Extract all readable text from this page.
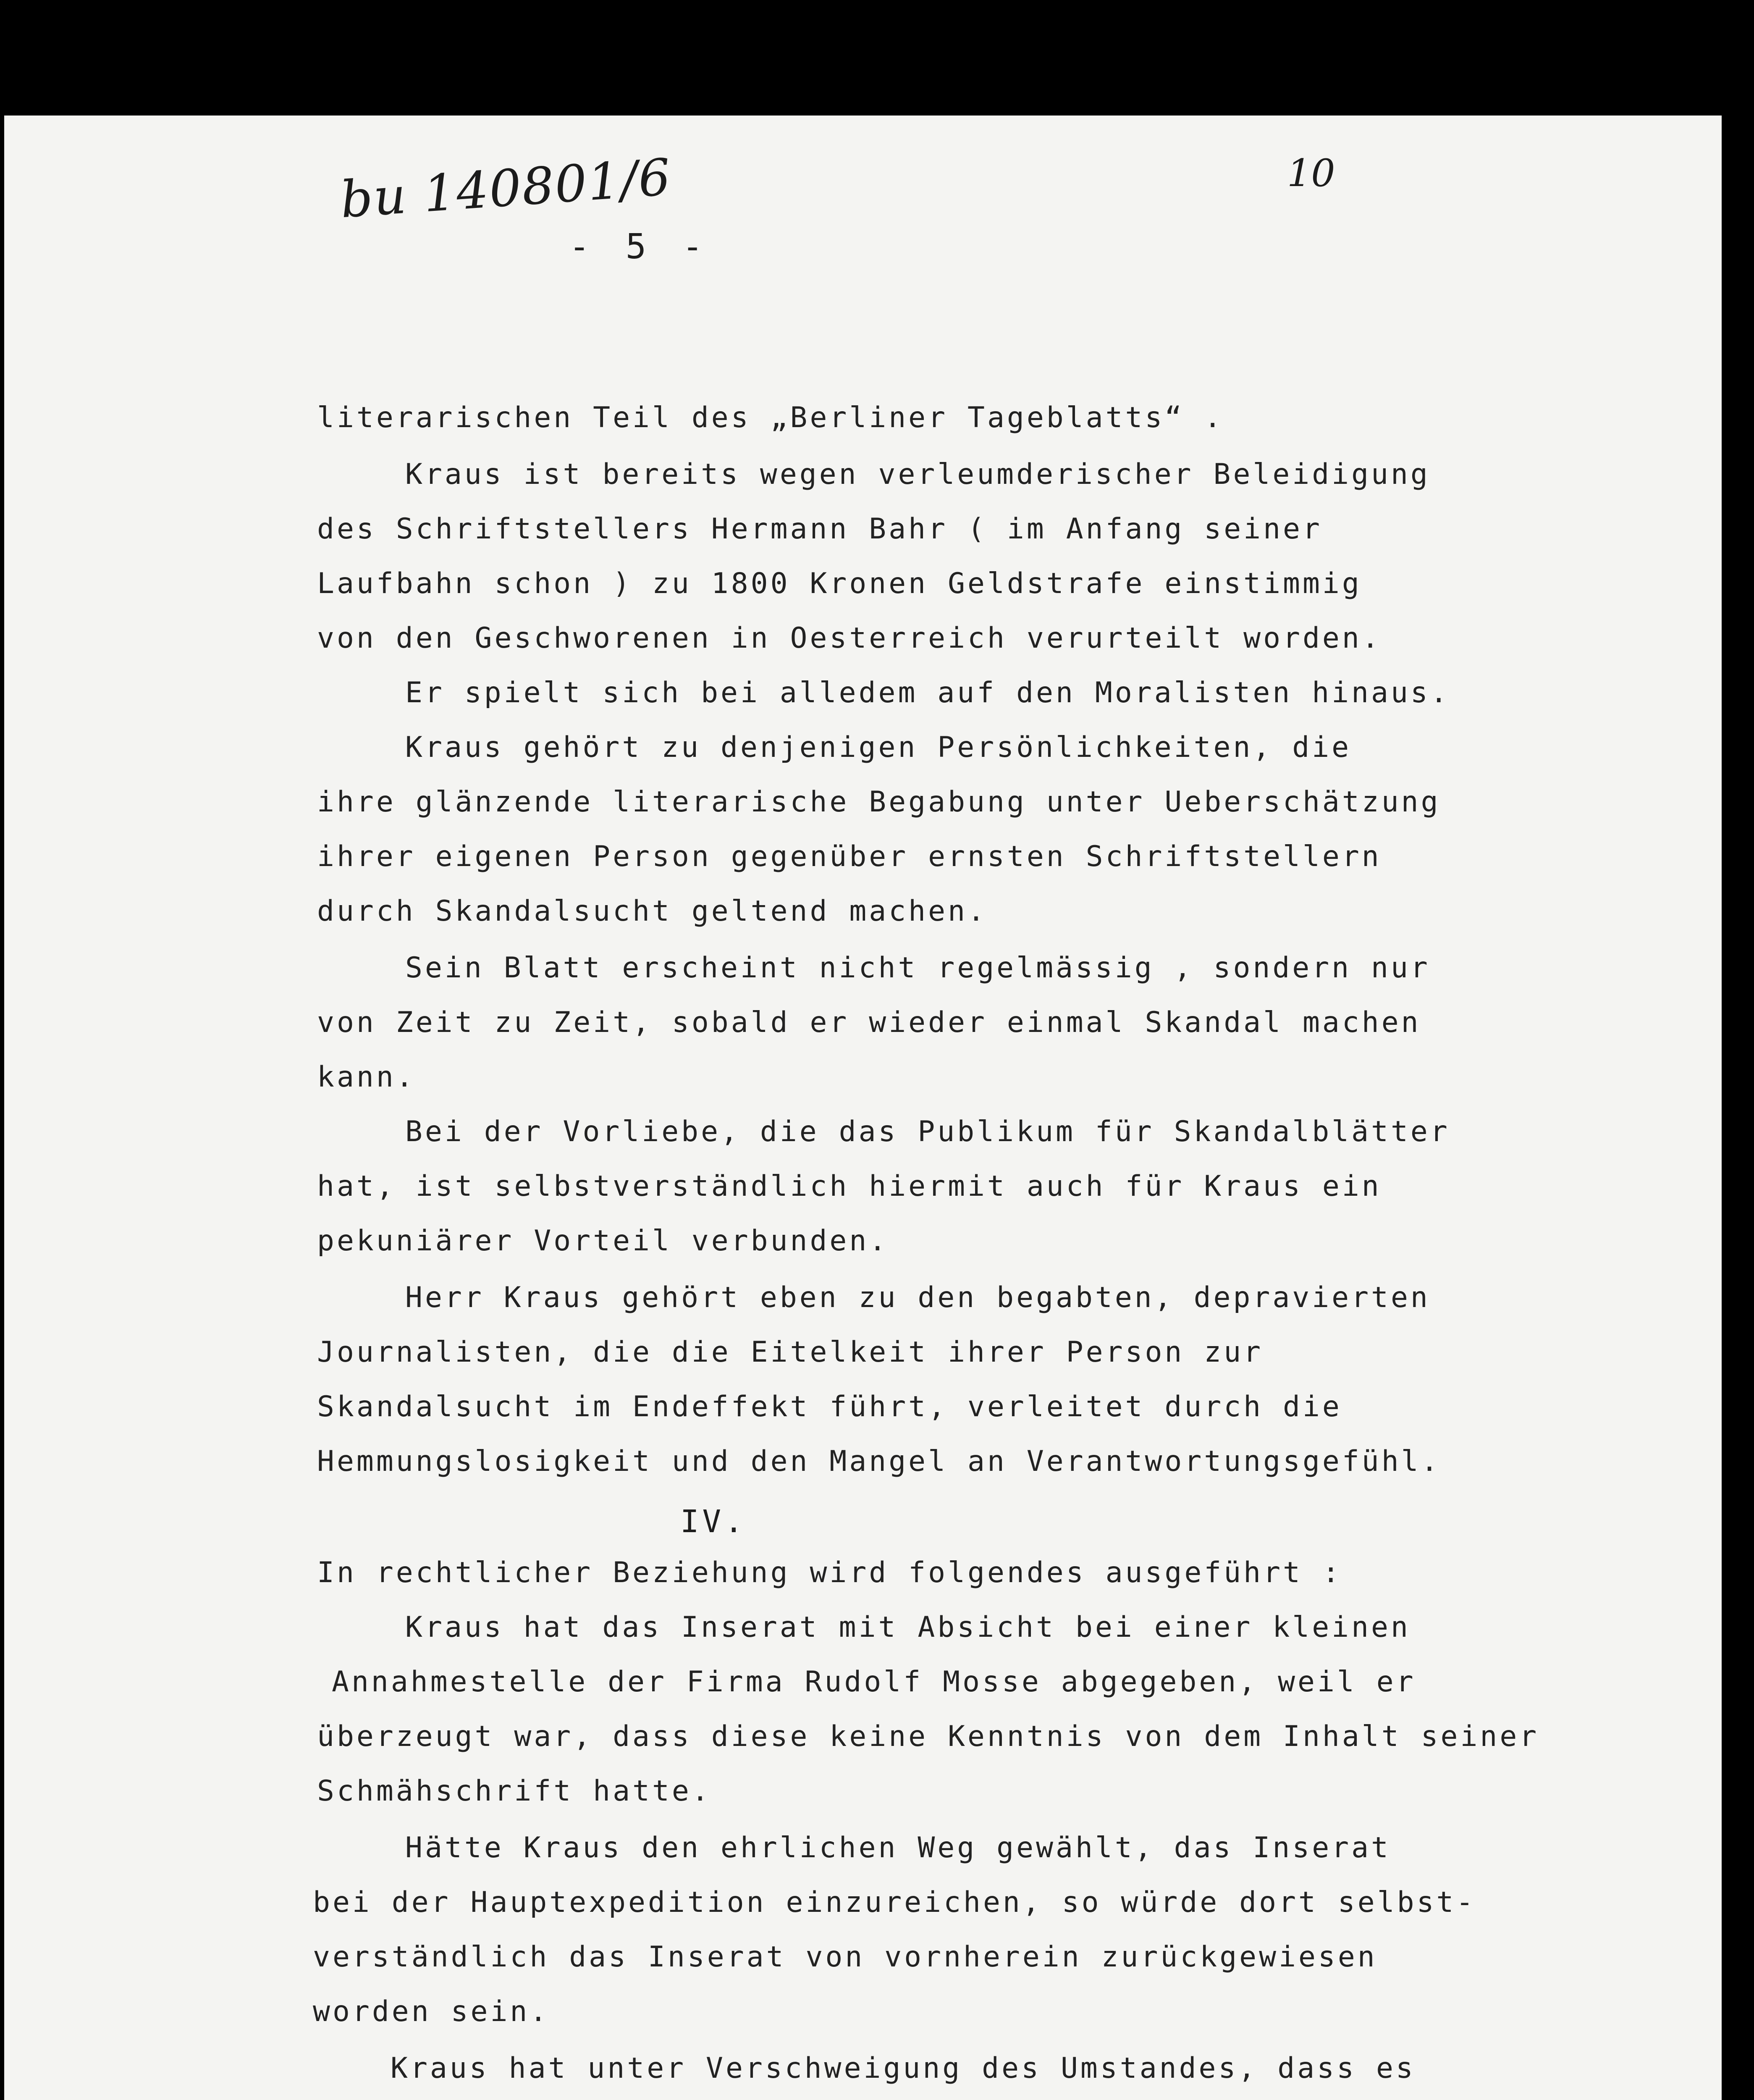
bu 140801/6	10
- 5 -
literarischen Teil des „Berliner Tageblatts“ .
Kraus ist bereits wegen verleumderischer Beleidigung
des Schriftstellers Hermann Bahr ( im Anfang seiner
Laufbahn schon ) zu 1800 Kronen Geldstrafe einstimmig
von den Geschworenen in Oesterreich verurteilt worden.
Er spielt sich bei alledem auf den Moralisten hinaus.
Kraus gehört zu denjenigen Persönlichkeiten, die
ihre glänzende literarische Begabung unter Ueberschätzung
ihrer eigenen Person gegenüber ernsten Schriftstellern
durch Skandalsucht geltend machen.
Sein Blatt erscheint nicht regelmässig , sondern nur
von Zeit zu Zeit, sobald er wieder einmal Skandal machen
kann.
Bei der Vorliebe, die das Publikum für Skandalblätter
hat, ist selbstverständlich hiermit auch für Kraus ein
pekuniärer Vorteil verbunden.
Herr Kraus gehört eben zu den begabten, depravierten
Journalisten, die die Eitelkeit ihrer Person zur
Skandalsucht im Endeffekt führt, verleitet durch die
Hemmungslosigkeit und den Mangel an Verantwortungsgefühl.
IV.
In rechtlicher Beziehung wird folgendes ausgeführt :
Kraus hat das Inserat mit Absicht bei einer kleinen
Annahmestelle der Firma Rudolf Mosse abgegeben, weil er
überzeugt war, dass diese keine Kenntnis von dem Inhalt seiner
Schmähschrift hatte.
Hätte Kraus den ehrlichen Weg gewählt, das Inserat
bei der Hauptexpedition einzureichen, so würde dort selbst-
verständlich das Inserat von vornherein zurückgewiesen
worden sein.
Kraus hat unter Verschweigung des Umstandes, dass es
